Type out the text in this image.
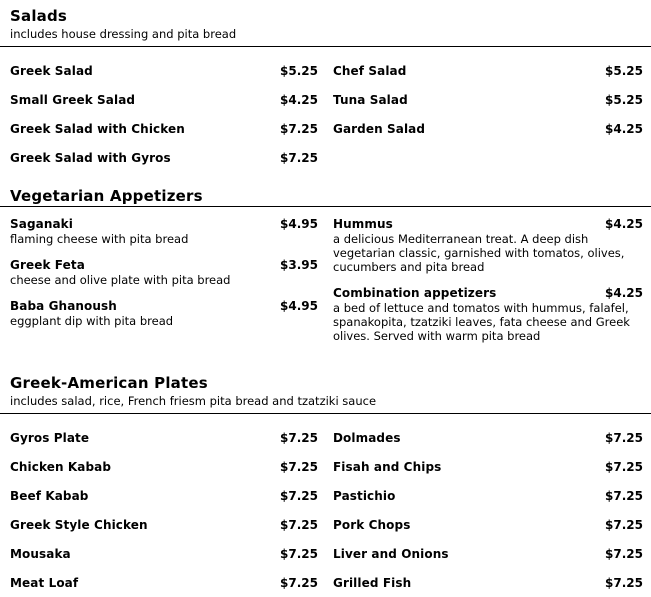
Salads
includes house dressing and pita bread
Greek Salad	$5.25
Small Greek Salad	$4.25
Greek Salad with Chicken	$7.25
Greek Salad with Gyros	$7.25
Chef Salad	$5.25
Tuna Salad	$5.25
Garden Salad	$4.25
Vegetarian Appetizers
Saganaki	$4.95
flaming cheese with pita bread
Greek Feta	$3.95
cheese and olive plate with pita bread
Baba Ghanoush	$4.95
eggplant dip with pita bread
Hummus	$4.25
a delicious Mediterranean treat. A deep dish vegetarian classic, garnished with tomatos, olives, cucumbers and pita bread
Combination appetizers	$4.25
a bed of lettuce and tomatos with hummus, falafel, spanakopita, tzatziki leaves, fata cheese and Greek olives. Served with warm pita bread
Greek-American Plates
includes salad, rice, French friesm pita bread and tzatziki sauce
Gyros Plate	$7.25
Chicken Kabab	$7.25
Beef Kabab	$7.25
Greek Style Chicken	$7.25
Mousaka	$7.25
Meat Loaf	$7.25
Dolmades	$7.25
Fisah and Chips	$7.25
Pastichio	$7.25
Pork Chops	$7.25
Liver and Onions	$7.25
Grilled Fish	$7.25
